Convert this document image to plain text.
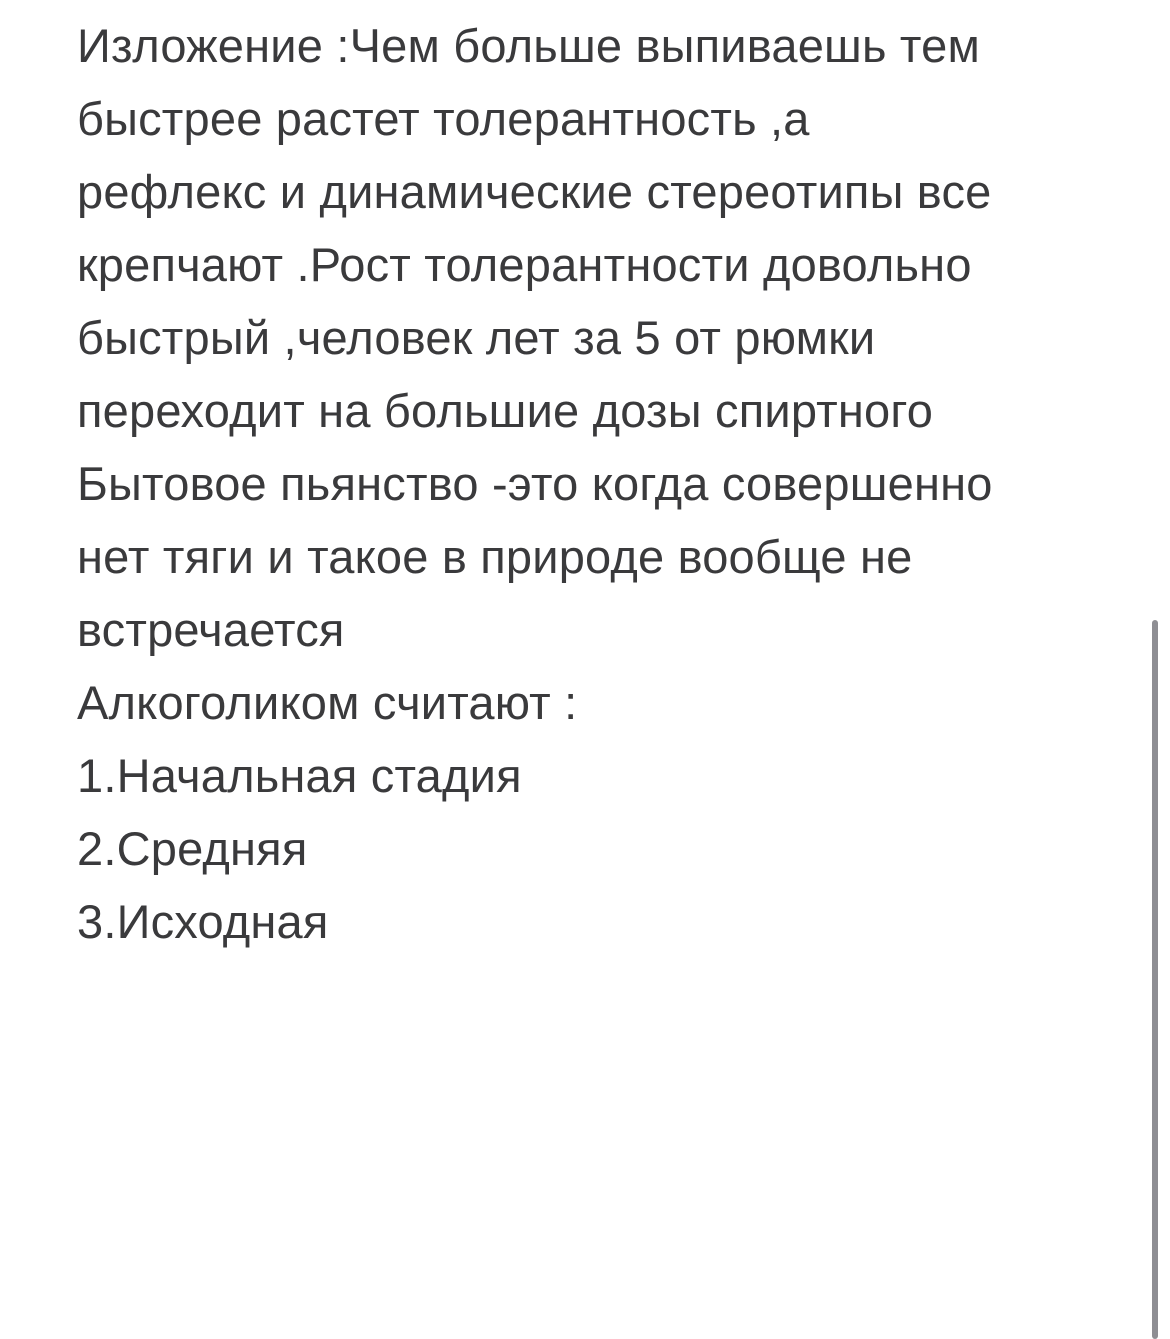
Изложение :Чем больше выпиваешь тем
быстрее растет толерантность ,а
рефлекс и динамические стереотипы все
крепчают .Рост толерантности довольно
быстрый ,человек лет за 5 от рюмки
переходит на большие дозы спиртного
Бытовое пьянство -это когда совершенно
нет тяги и такое в природе вообще не
встречается
Алкоголиком считают :
1.Начальная стадия
2.Средняя
3.Исходная
